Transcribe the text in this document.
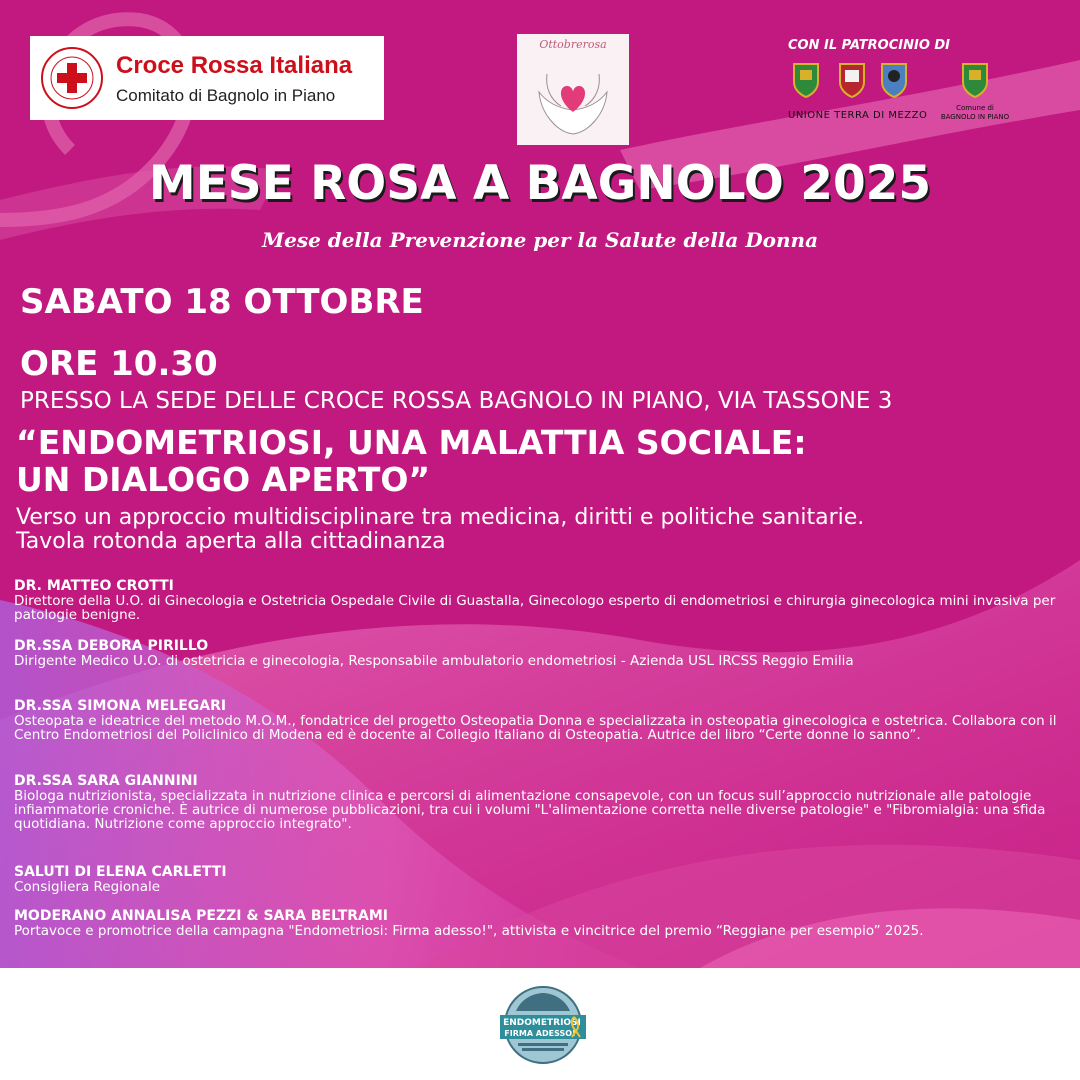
Croce Rossa Italiana
Comitato di Bagnolo in Piano
Ottobrerosa	CON IL PATROCINIO DI
UNIONE TERRA DI MEZZO
Comune di BAGNOLO IN PIANO
MESE ROSA A BAGNOLO 2025
Mese della Prevenzione per la Salute della Donna
SABATO 18 OTTOBRE
ORE 10.30
PRESSO LA SEDE DELLE CROCE ROSSA BAGNOLO IN PIANO, VIA TASSONE 3
“ENDOMETRIOSI, UNA MALATTIA SOCIALE:
UN DIALOGO APERTO”
Verso un approccio multidisciplinare tra medicina, diritti e politiche sanitarie.
Tavola rotonda aperta alla cittadinanza
DR. MATTEO CROTTI
Direttore della U.O. di Ginecologia e Ostetricia Ospedale Civile di Guastalla, Ginecologo esperto di endometriosi e chirurgia ginecologica mini invasiva per patologie benigne.
DR.SSA DEBORA PIRILLO
Dirigente Medico U.O. di ostetricia e ginecologia, Responsabile ambulatorio endometriosi - Azienda USL IRCSS Reggio Emilia
DR.SSA SIMONA MELEGARI
Osteopata e ideatrice del metodo M.O.M., fondatrice del progetto Osteopatia Donna e specializzata in osteopatia ginecologica e ostetrica. Collabora con il Centro Endometriosi del Policlinico di Modena ed è docente al Collegio Italiano di Osteopatia. Autrice del libro “Certe donne lo sanno”.
DR.SSA SARA GIANNINI
Biologa nutrizionista, specializzata in nutrizione clinica e percorsi di alimentazione consapevole, con un focus sull’approccio nutrizionale alle patologie infiammatorie croniche. È autrice di numerose pubblicazioni, tra cui i volumi "L'alimentazione corretta nelle diverse patologie" e "Fibromialgia: una sfida quotidiana. Nutrizione come approccio integrato".
SALUTI DI ELENA CARLETTI
Consigliera Regionale
MODERANO ANNALISA PEZZI & SARA BELTRAMI
Portavoce e promotrice della campagna "Endometriosi: Firma adesso!", attivista e vincitrice del premio “Reggiane per esempio” 2025.
ENDOMETRIOSI
FIRMA ADESSO!
